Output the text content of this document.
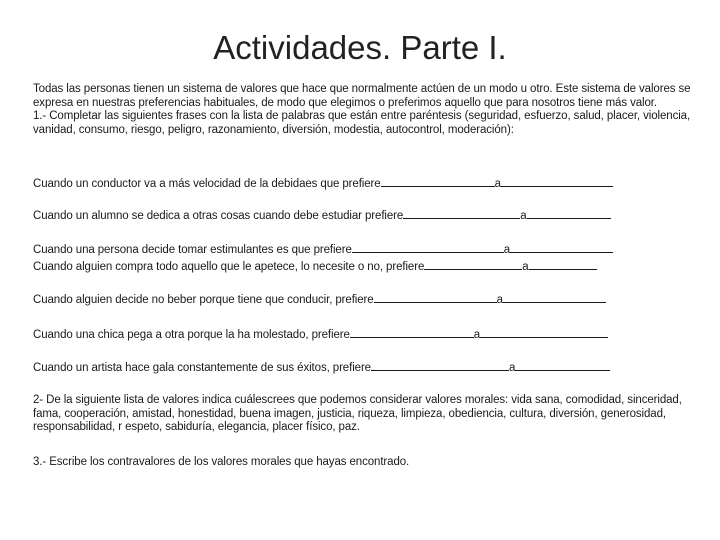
Actividades. Parte I.

Todas las personas tienen un sistema de valores que hace que normalmente actúen de un modo u otro. Este sistema de valores se expresa en nuestras preferencias habituales, de modo que elegimos o preferimos aquello que para nosotros tiene más valor.

1.- Completar las siguientes frases con la lista de palabras que están entre paréntesis (seguridad, esfuerzo, salud, placer, violencia, vanidad, consumo, riesgo, peligro, razonamiento, diversión, modestia, autocontrol, moderación):

Cuando un conductor va a más velocidad de la debidaes que prefiere	a
Cuando un alumno se dedica a otras cosas cuando debe estudiar prefiere	a
Cuando una persona decide tomar estimulantes es que prefiere	a
Cuando alguien compra todo aquello que le apetece, lo necesite o no, prefiere	a
Cuando alguien decide no beber porque tiene que conducir, prefiere	a
Cuando una chica pega a otra porque la ha molestado, prefiere	a
Cuando un artista hace gala constantemente de sus éxitos, prefiere	a

2- De la siguiente lista de valores indica cuálescrees que podemos considerar valores morales: vida sana, comodidad, sinceridad, fama, cooperación, amistad, honestidad, buena imagen, justicia, riqueza, limpieza, obediencia, cultura, diversión, generosidad, responsabilidad, r espeto, sabiduría, elegancia, placer físico, paz.

3.- Escribe los contravalores de los valores morales que hayas encontrado.
